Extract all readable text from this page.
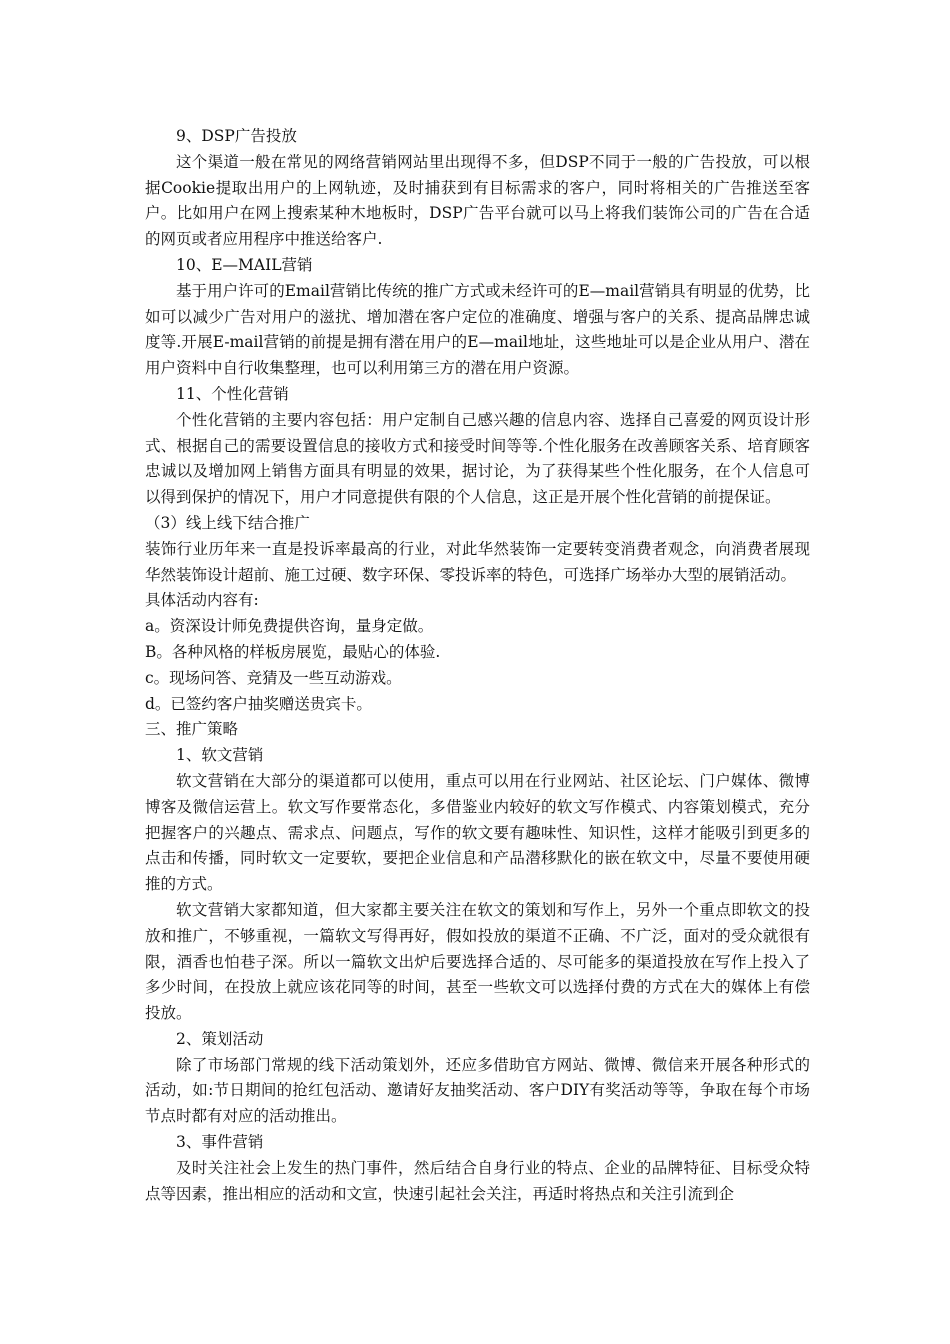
9、DSP广告投放

这个渠道一般在常见的网络营销网站里出现得不多，但DSP不同于一般的广告投放，可以根据Cookie提取出用户的上网轨迹，及时捕获到有目标需求的客户，同时将相关的广告推送至客户。比如用户在网上搜索某种木地板时，DSP广告平台就可以马上将我们装饰公司的广告在合适的网页或者应用程序中推送给客户.

10、E—MAIL营销

基于用户许可的Email营销比传统的推广方式或未经许可的E—mail营销具有明显的优势，比如可以减少广告对用户的滋扰、增加潜在客户定位的准确度、增强与客户的关系、提高品牌忠诚度等.开展E-mail营销的前提是拥有潜在用户的E—mail地址，这些地址可以是企业从用户、潜在用户资料中自行收集整理，也可以利用第三方的潜在用户资源。

11、个性化营销

个性化营销的主要内容包括：用户定制自己感兴趣的信息内容、选择自己喜爱的网页设计形式、根据自己的需要设置信息的接收方式和接受时间等等.个性化服务在改善顾客关系、培育顾客忠诚以及增加网上销售方面具有明显的效果，据讨论，为了获得某些个性化服务，在个人信息可以得到保护的情况下，用户才同意提供有限的个人信息，这正是开展个性化营销的前提保证。

（3）线上线下结合推广

装饰行业历年来一直是投诉率最高的行业，对此华然装饰一定要转变消费者观念，向消费者展现华然装饰设计超前、施工过硬、数字环保、零投诉率的特色，可选择广场举办大型的展销活动。

具体活动内容有:

a。资深设计师免费提供咨询，量身定做。

B。各种风格的样板房展览，最贴心的体验.

c。现场问答、竞猜及一些互动游戏。

d。已签约客户抽奖赠送贵宾卡。

三、推广策略

1、软文营销

软文营销在大部分的渠道都可以使用，重点可以用在行业网站、社区论坛、门户媒体、微博博客及微信运营上。软文写作要常态化，多借鉴业内较好的软文写作模式、内容策划模式，充分把握客户的兴趣点、需求点、问题点，写作的软文要有趣味性、知识性，这样才能吸引到更多的点击和传播，同时软文一定要软，要把企业信息和产品潜移默化的嵌在软文中，尽量不要使用硬推的方式。

软文营销大家都知道，但大家都主要关注在软文的策划和写作上，另外一个重点即软文的投放和推广，不够重视，一篇软文写得再好，假如投放的渠道不正确、不广泛，面对的受众就很有限，酒香也怕巷子深。所以一篇软文出炉后要选择合适的、尽可能多的渠道投放在写作上投入了多少时间，在投放上就应该花同等的时间，甚至一些软文可以选择付费的方式在大的媒体上有偿投放。

2、策划活动

除了市场部门常规的线下活动策划外，还应多借助官方网站、微博、微信来开展各种形式的活动，如:节日期间的抢红包活动、邀请好友抽奖活动、客户DIY有奖活动等等，争取在每个市场节点时都有对应的活动推出。

3、事件营销

及时关注社会上发生的热门事件，然后结合自身行业的特点、企业的品牌特征、目标受众特点等因素，推出相应的活动和文宣，快速引起社会关注，再适时将热点和关注引流到企
